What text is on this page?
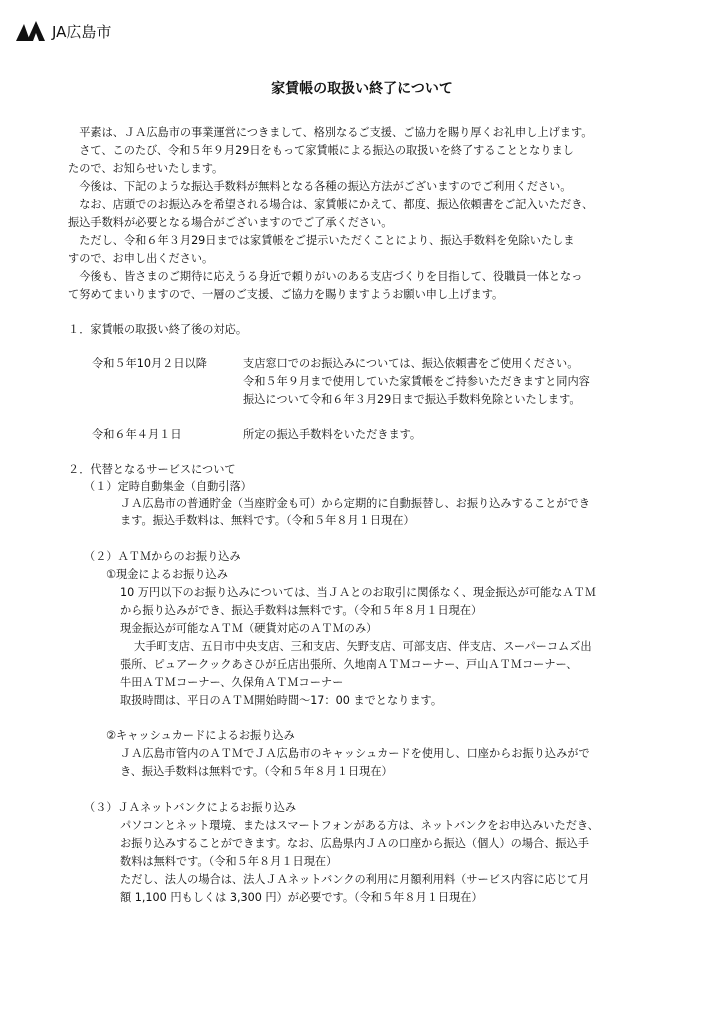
JA広島市
家賃帳の取扱い終了について
　平素は、ＪＡ広島市の事業運営につきまして、格別なるご支援、ご協力を賜り厚くお礼申し上げます。
　さて、このたび、令和５年９月29日をもって家賃帳による振込の取扱いを終了することとなりまし
たので、お知らせいたします。
　今後は、下記のような振込手数料が無料となる各種の振込方法がございますのでご利用ください。
　なお、店頭でのお振込みを希望される場合は、家賃帳にかえて、都度、振込依頼書をご記入いただき、
振込手数料が必要となる場合がございますのでご了承ください。
　ただし、令和６年３月29日までは家賃帳をご提示いただくことにより、振込手数料を免除いたしま
すので、お申し出ください。
　今後も、皆さまのご期待に応えうる身近で頼りがいのある支店づくりを目指して、役職員一体となっ
て努めてまいりますので、一層のご支援、ご協力を賜りますようお願い申し上げます。
１．家賃帳の取扱い終了後の対応。
令和５年10月２日以降	支店窓口でのお振込みについては、振込依頼書をご使用ください。
令和５年９月まで使用していた家賃帳をご持参いただきますと同内容
振込について令和６年３月29日まで振込手数料免除といたします。
令和６年４月１日	所定の振込手数料をいただきます。
２．代替となるサービスについて
（１）定時自動集金（自動引落）
ＪＡ広島市の普通貯金（当座貯金も可）から定期的に自動振替し、お振り込みすることができ
ます。振込手数料は、無料です。（令和５年８月１日現在）
（２）ＡＴＭからのお振り込み
①現金によるお振り込み
10 万円以下のお振り込みについては、当ＪＡとのお取引に関係なく、現金振込が可能なＡＴＭ
から振り込みができ、振込手数料は無料です。（令和５年８月１日現在）
現金振込が可能なＡＴＭ（硬貨対応のＡＴＭのみ）
大手町支店、五日市中央支店、三和支店、矢野支店、可部支店、伴支店、スーパーコムズ出
張所、ピュアークックあさひが丘店出張所、久地南ＡＴＭコーナー、戸山ＡＴＭコーナー、
牛田ＡＴＭコーナー、久保角ＡＴＭコーナー
取扱時間は、平日のＡＴＭ開始時間～17：00 までとなります。
②キャッシュカードによるお振り込み
ＪＡ広島市管内のＡＴＭでＪＡ広島市のキャッシュカードを使用し、口座からお振り込みがで
き、振込手数料は無料です。（令和５年８月１日現在）
（３）ＪＡネットバンクによるお振り込み
パソコンとネット環境、またはスマートフォンがある方は、ネットバンクをお申込みいただき、
お振り込みすることができます。なお、広島県内ＪＡの口座から振込（個人）の場合、振込手
数料は無料です。（令和５年８月１日現在）
ただし、法人の場合は、法人ＪＡネットバンクの利用に月額利用料（サービス内容に応じて月
額 1,100 円もしくは 3,300 円）が必要です。（令和５年８月１日現在）
